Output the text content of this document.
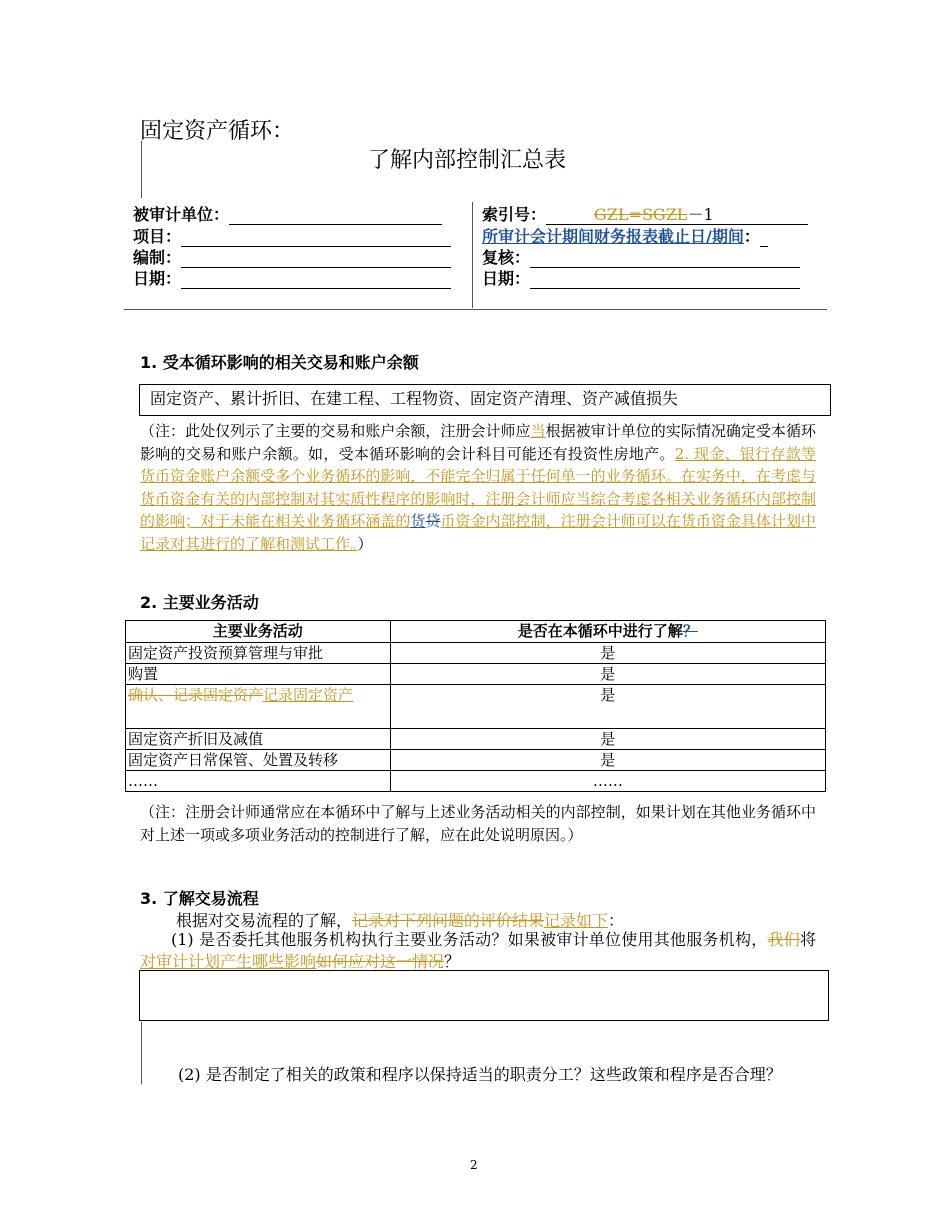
固定资产循环：
了解内部控制汇总表
被审计单位：
项目：
编制：
日期：
索引号：	GZL=SGZL－1
所审计会计期间 财务报表截止日/期间 ：
复核：
日期：
1. 受本循环影响的相关交易和账户余额
固定资产、累计折旧、在建工程、工程物资、固定资产清理、资产减值损失
（注：此处仅列示了主要的交易和账户余额，注册会计师应当根据被审计单位的实际情况确定受本循环影响的交易和账户余额。如，受本循环影响的会计科目可能还有投资性房地产。2. 现金、银行存款等货币资金账户余额受多个业务循环的影响，不能完全归属于任何单一的业务循环。在实务中，在考虑与货币资金有关的内部控制对其实质性程序的影响时，注册会计师应当综合考虑各相关业务循环内部控制的影响；对于未能在相关业务循环涵盖的货贷币资金内部控制，注册会计师可以在货币资金具体计划中记录对其进行的了解和测试工作。）
2. 主要业务活动
主要业务活动	是否在本循环中进行了解？
固定资产投资预算管理与审批	是
购置	是
确认、记录固定资产记录固定资产	是
固定资产折旧及减值	是
固定资产日常保管、处置及转移	是
……	……
（注：注册会计师通常应在本循环中了解与上述业务活动相关的内部控制，如果计划在其他业务循环中对上述一项或多项业务活动的控制进行了解，应在此处说明原因。）
3. 了解交易流程
根据对交易流程的了解，记录对下列问题的评价结果记录如下：
(1) 是否委托其他服务机构执行主要业务活动？如果被审计单位使用其他服务机构，我们将对审计计划产生哪些影响如何应对这一情况？
(2) 是否制定了相关的政策和程序以保持适当的职责分工？这些政策和程序是否合理？
2
